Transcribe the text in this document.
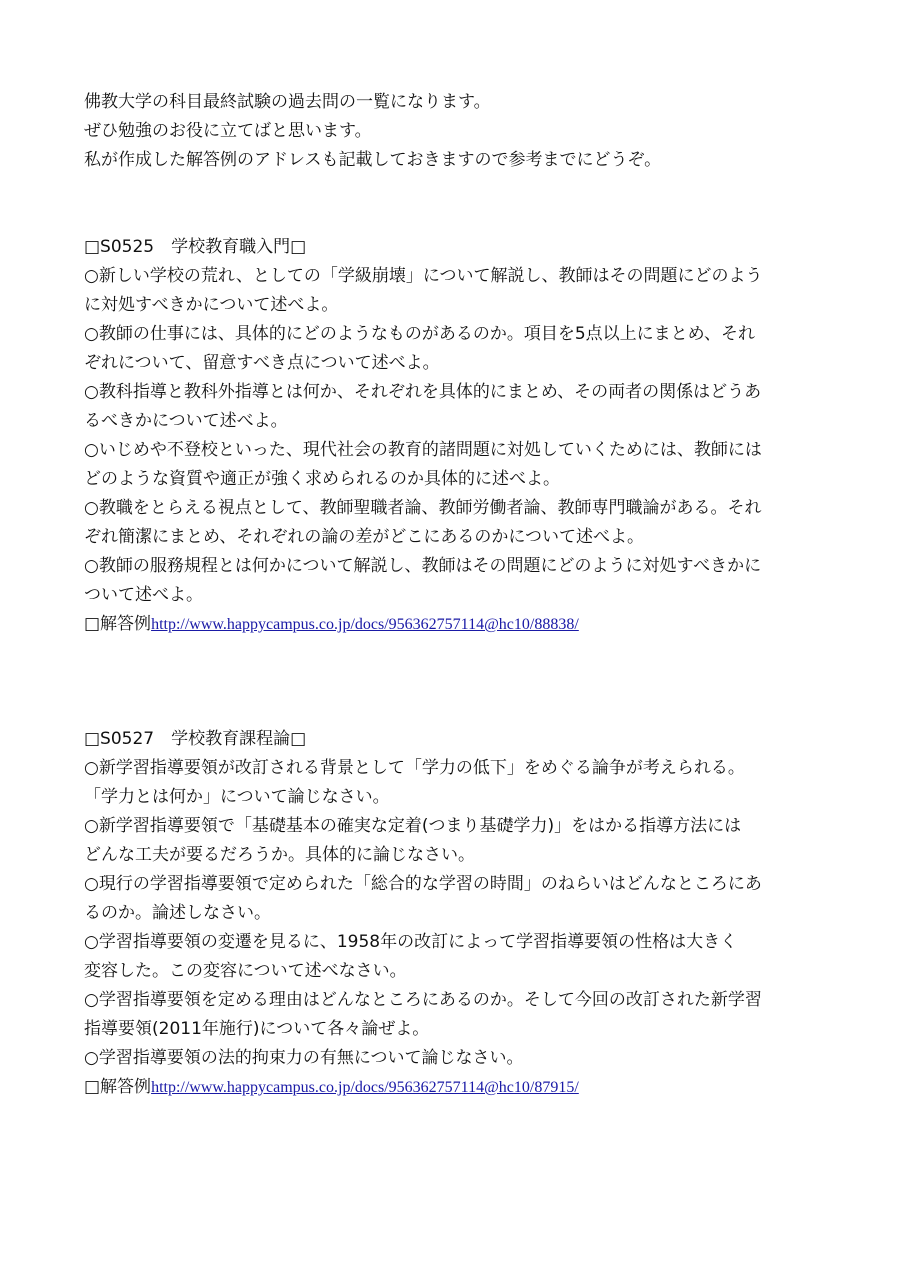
佛教大学の科目最終試験の過去問の一覧になります。
ぜひ勉強のお役に立てばと思います。
私が作成した解答例のアドレスも記載しておきますので参考までにどうぞ。
□S0525　学校教育職入門□
○新しい学校の荒れ、としての「学級崩壊」について解説し、教師はその問題にどのよう
に対処すべきかについて述べよ。
○教師の仕事には、具体的にどのようなものがあるのか。項目を5点以上にまとめ、それ
ぞれについて、留意すべき点について述べよ。
○教科指導と教科外指導とは何か、それぞれを具体的にまとめ、その両者の関係はどうあ
るべきかについて述べよ。
○いじめや不登校といった、現代社会の教育的諸問題に対処していくためには、教師には
どのような資質や適正が強く求められるのか具体的に述べよ。
○教職をとらえる視点として、教師聖職者論、教師労働者論、教師専門職論がある。それ
ぞれ簡潔にまとめ、それぞれの論の差がどこにあるのかについて述べよ。
○教師の服務規程とは何かについて解説し、教師はその問題にどのように対処すべきかに
ついて述べよ。
□解答例http://www.happycampus.co.jp/docs/956362757114@hc10/88838/
□S0527　学校教育課程論□
○新学習指導要領が改訂される背景として「学力の低下」をめぐる論争が考えられる。
「学力とは何か」について論じなさい。
○新学習指導要領で「基礎基本の確実な定着(つまり基礎学力)」をはかる指導方法には
どんな工夫が要るだろうか。具体的に論じなさい。
○現行の学習指導要領で定められた「総合的な学習の時間」のねらいはどんなところにあ
るのか。論述しなさい。
○学習指導要領の変遷を見るに、1958年の改訂によって学習指導要領の性格は大きく
変容した。この変容について述べなさい。
○学習指導要領を定める理由はどんなところにあるのか。そして今回の改訂された新学習
指導要領(2011年施行)について各々論ぜよ。
○学習指導要領の法的拘束力の有無について論じなさい。
□解答例http://www.happycampus.co.jp/docs/956362757114@hc10/87915/
